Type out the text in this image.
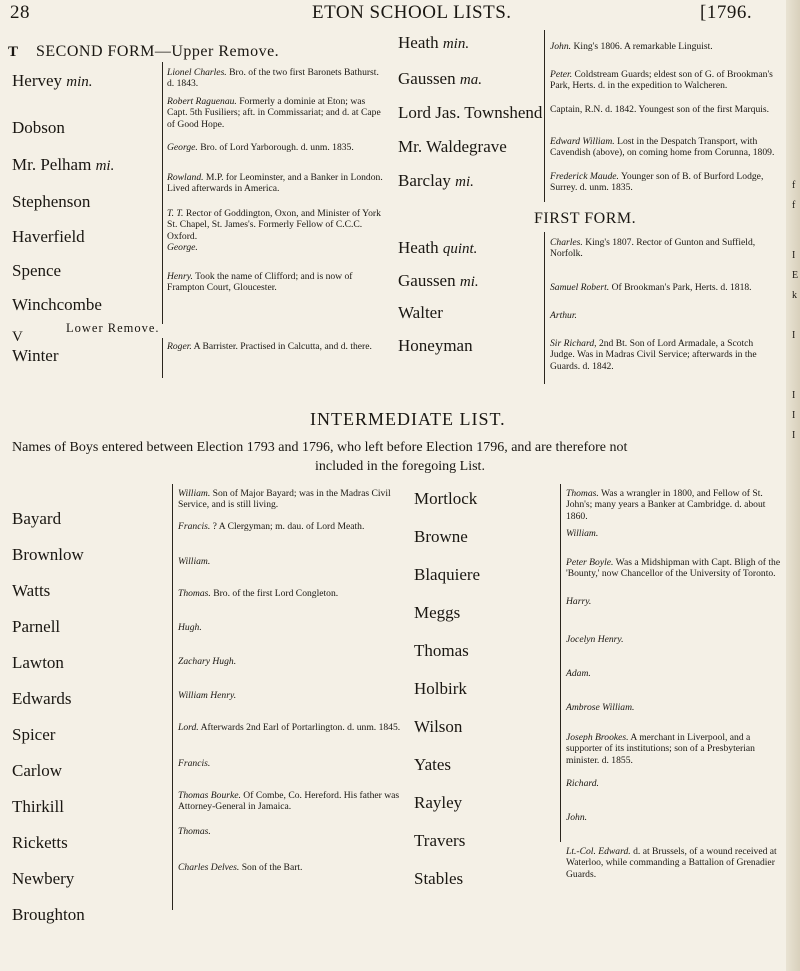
28	ETON SCHOOL LISTS.	[1796.
T SECOND FORM—Upper Remove.
Hervey min.
Dobson
Mr. Pelham mi.
Stephenson
Haverfield
Spence
Winchcombe
V
Winter
Lionel Charles. Bro. of the two first Baronets Bathurst. d. 1843.
Robert Raguenau. Formerly a dominie at Eton; was Capt. 5th Fusiliers; aft. in Commissariat; and d. at Cape of Good Hope.
George. Bro. of Lord Yarborough. d. unm. 1835.
Rowland. M.P. for Leominster, and a Banker in London. Lived afterwards in America.
T. T. Rector of Goddington, Oxon, and Minister of York St. Chapel, St. James's. Formerly Fellow of C.C.C. Oxford.
George.
Henry. Took the name of Clifford; and is now of Frampton Court, Gloucester.
Lower Remove.
Roger. A Barrister. Practised in Calcutta, and d. there.
Heath min.
Gaussen ma.
Lord Jas. Townshend
Mr. Waldegrave
Barclay mi.
John. King's 1806. A remarkable Linguist.
Peter. Coldstream Guards; eldest son of G. of Brookman's Park, Herts. d. in the expedition to Walcheren.
Captain, R.N. d. 1842. Youngest son of the first Marquis.
Edward William. Lost in the Despatch Transport, with Cavendish (above), on coming home from Corunna, 1809.
Frederick Maude. Younger son of B. of Burford Lodge, Surrey. d. unm. 1835.
FIRST FORM.
Heath quint.
Gaussen mi.
Walter
Honeyman
Charles. King's 1807. Rector of Gunton and Suffield, Norfolk.
Samuel Robert. Of Brookman's Park, Herts. d. 1818.
Arthur.
Sir Richard, 2nd Bt. Son of Lord Armadale, a Scotch Judge. Was in Madras Civil Service; afterwards in the Guards. d. 1842.
INTERMEDIATE LIST.
Names of Boys entered between Election 1793 and 1796, who left before Election 1796, and are therefore not
included in the foregoing List.
Bayard
Brownlow
Watts
Parnell
Lawton
Edwards
Spicer
Carlow
Thirkill
Ricketts
Newbery
Broughton
William. Son of Major Bayard; was in the Madras Civil Service, and is still living.
Francis. ? A Clergyman; m. dau. of Lord Meath.
William.
Thomas. Bro. of the first Lord Congleton.
Hugh.
Zachary Hugh.
William Henry.
Lord. Afterwards 2nd Earl of Portarlington. d. unm. 1845.
Francis.
Thomas Bourke. Of Combe, Co. Hereford. His father was Attorney-General in Jamaica.
Thomas.
Charles Delves. Son of the Bart.
Mortlock
Browne
Blaquiere
Meggs
Thomas
Holbirk
Wilson
Yates
Rayley
Travers
Stables
Thomas. Was a wrangler in 1800, and Fellow of St. John's; many years a Banker at Cambridge. d. about 1860.
William.
Peter Boyle. Was a Midshipman with Capt. Bligh of the 'Bounty,' now Chancellor of the University of Toronto.
Harry.
Jocelyn Henry.
Adam.
Ambrose William.
Joseph Brookes. A merchant in Liverpool, and a supporter of its institutions; son of a Presbyterian minister. d. 1855.
Richard.
John.
Lt.-Col. Edward. d. at Brussels, of a wound received at Waterloo, while commanding a Battalion of Grenadier Guards.
f
f
I
E
k
I
I
I
I
